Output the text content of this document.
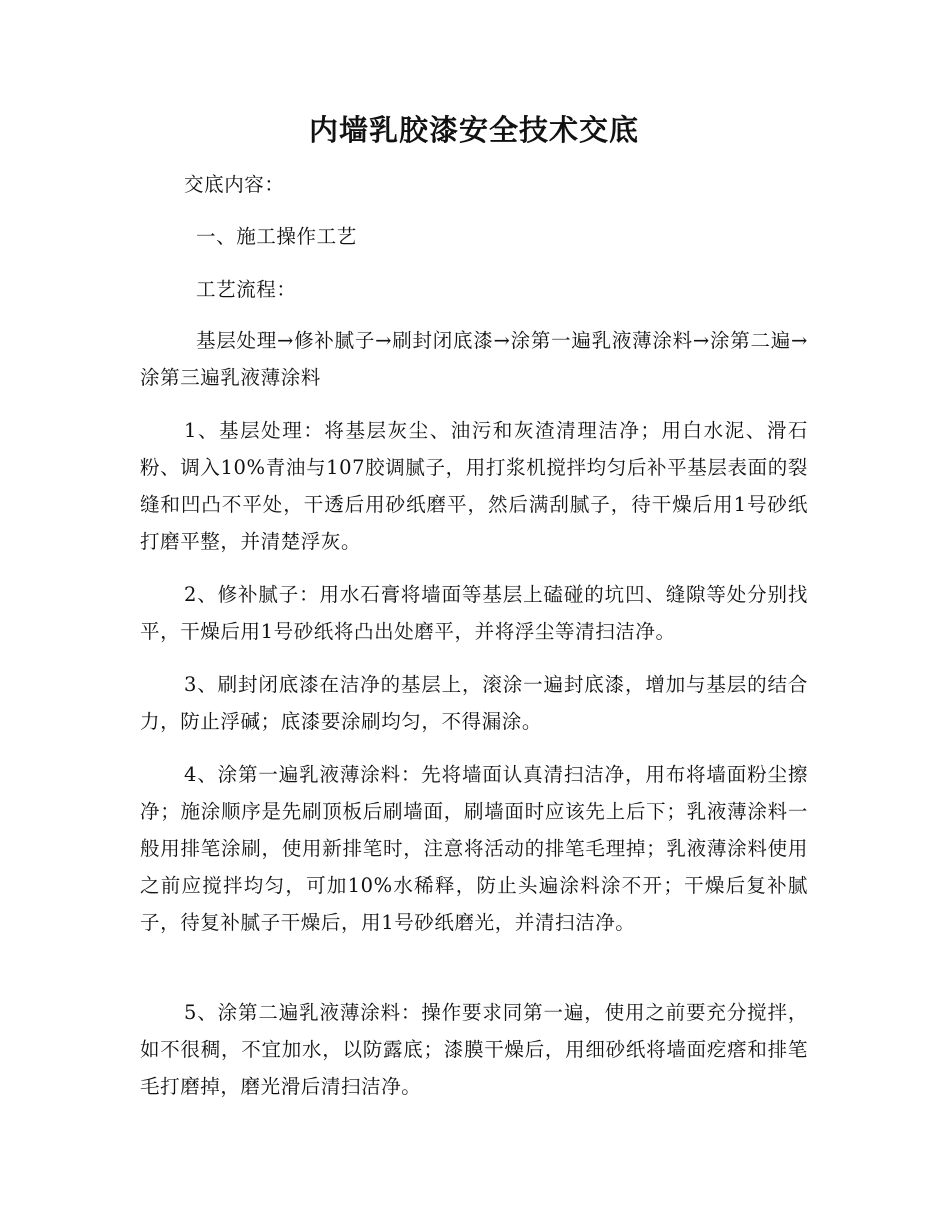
内墙乳胶漆安全技术交底
交底内容：
一、施工操作工艺
工艺流程：
基层处理→修补腻子→刷封闭底漆→涂第一遍乳液薄涂料→涂第二遍→涂第三遍乳液薄涂料
1、基层处理：将基层灰尘、油污和灰渣清理洁净；用白水泥、滑石粉、调入10%青油与107胶调腻子，用打浆机搅拌均匀后补平基层表面的裂缝和凹凸不平处，干透后用砂纸磨平，然后满刮腻子，待干燥后用1号砂纸打磨平整，并清楚浮灰。
2、修补腻子：用水石膏将墙面等基层上磕碰的坑凹、缝隙等处分别找平，干燥后用1号砂纸将凸出处磨平，并将浮尘等清扫洁净。
3、刷封闭底漆在洁净的基层上，滚涂一遍封底漆，增加与基层的结合力，防止浮碱；底漆要涂刷均匀，不得漏涂。
4、涂第一遍乳液薄涂料：先将墙面认真清扫洁净，用布将墙面粉尘擦净；施涂顺序是先刷顶板后刷墙面，刷墙面时应该先上后下；乳液薄涂料一般用排笔涂刷，使用新排笔时，注意将活动的排笔毛理掉；乳液薄涂料使用之前应搅拌均匀，可加10%水稀释，防止头遍涂料涂不开；干燥后复补腻子，待复补腻子干燥后，用1号砂纸磨光，并清扫洁净。
5、涂第二遍乳液薄涂料：操作要求同第一遍，使用之前要充分搅拌，如不很稠，不宜加水，以防露底；漆膜干燥后，用细砂纸将墙面疙瘩和排笔毛打磨掉，磨光滑后清扫洁净。
